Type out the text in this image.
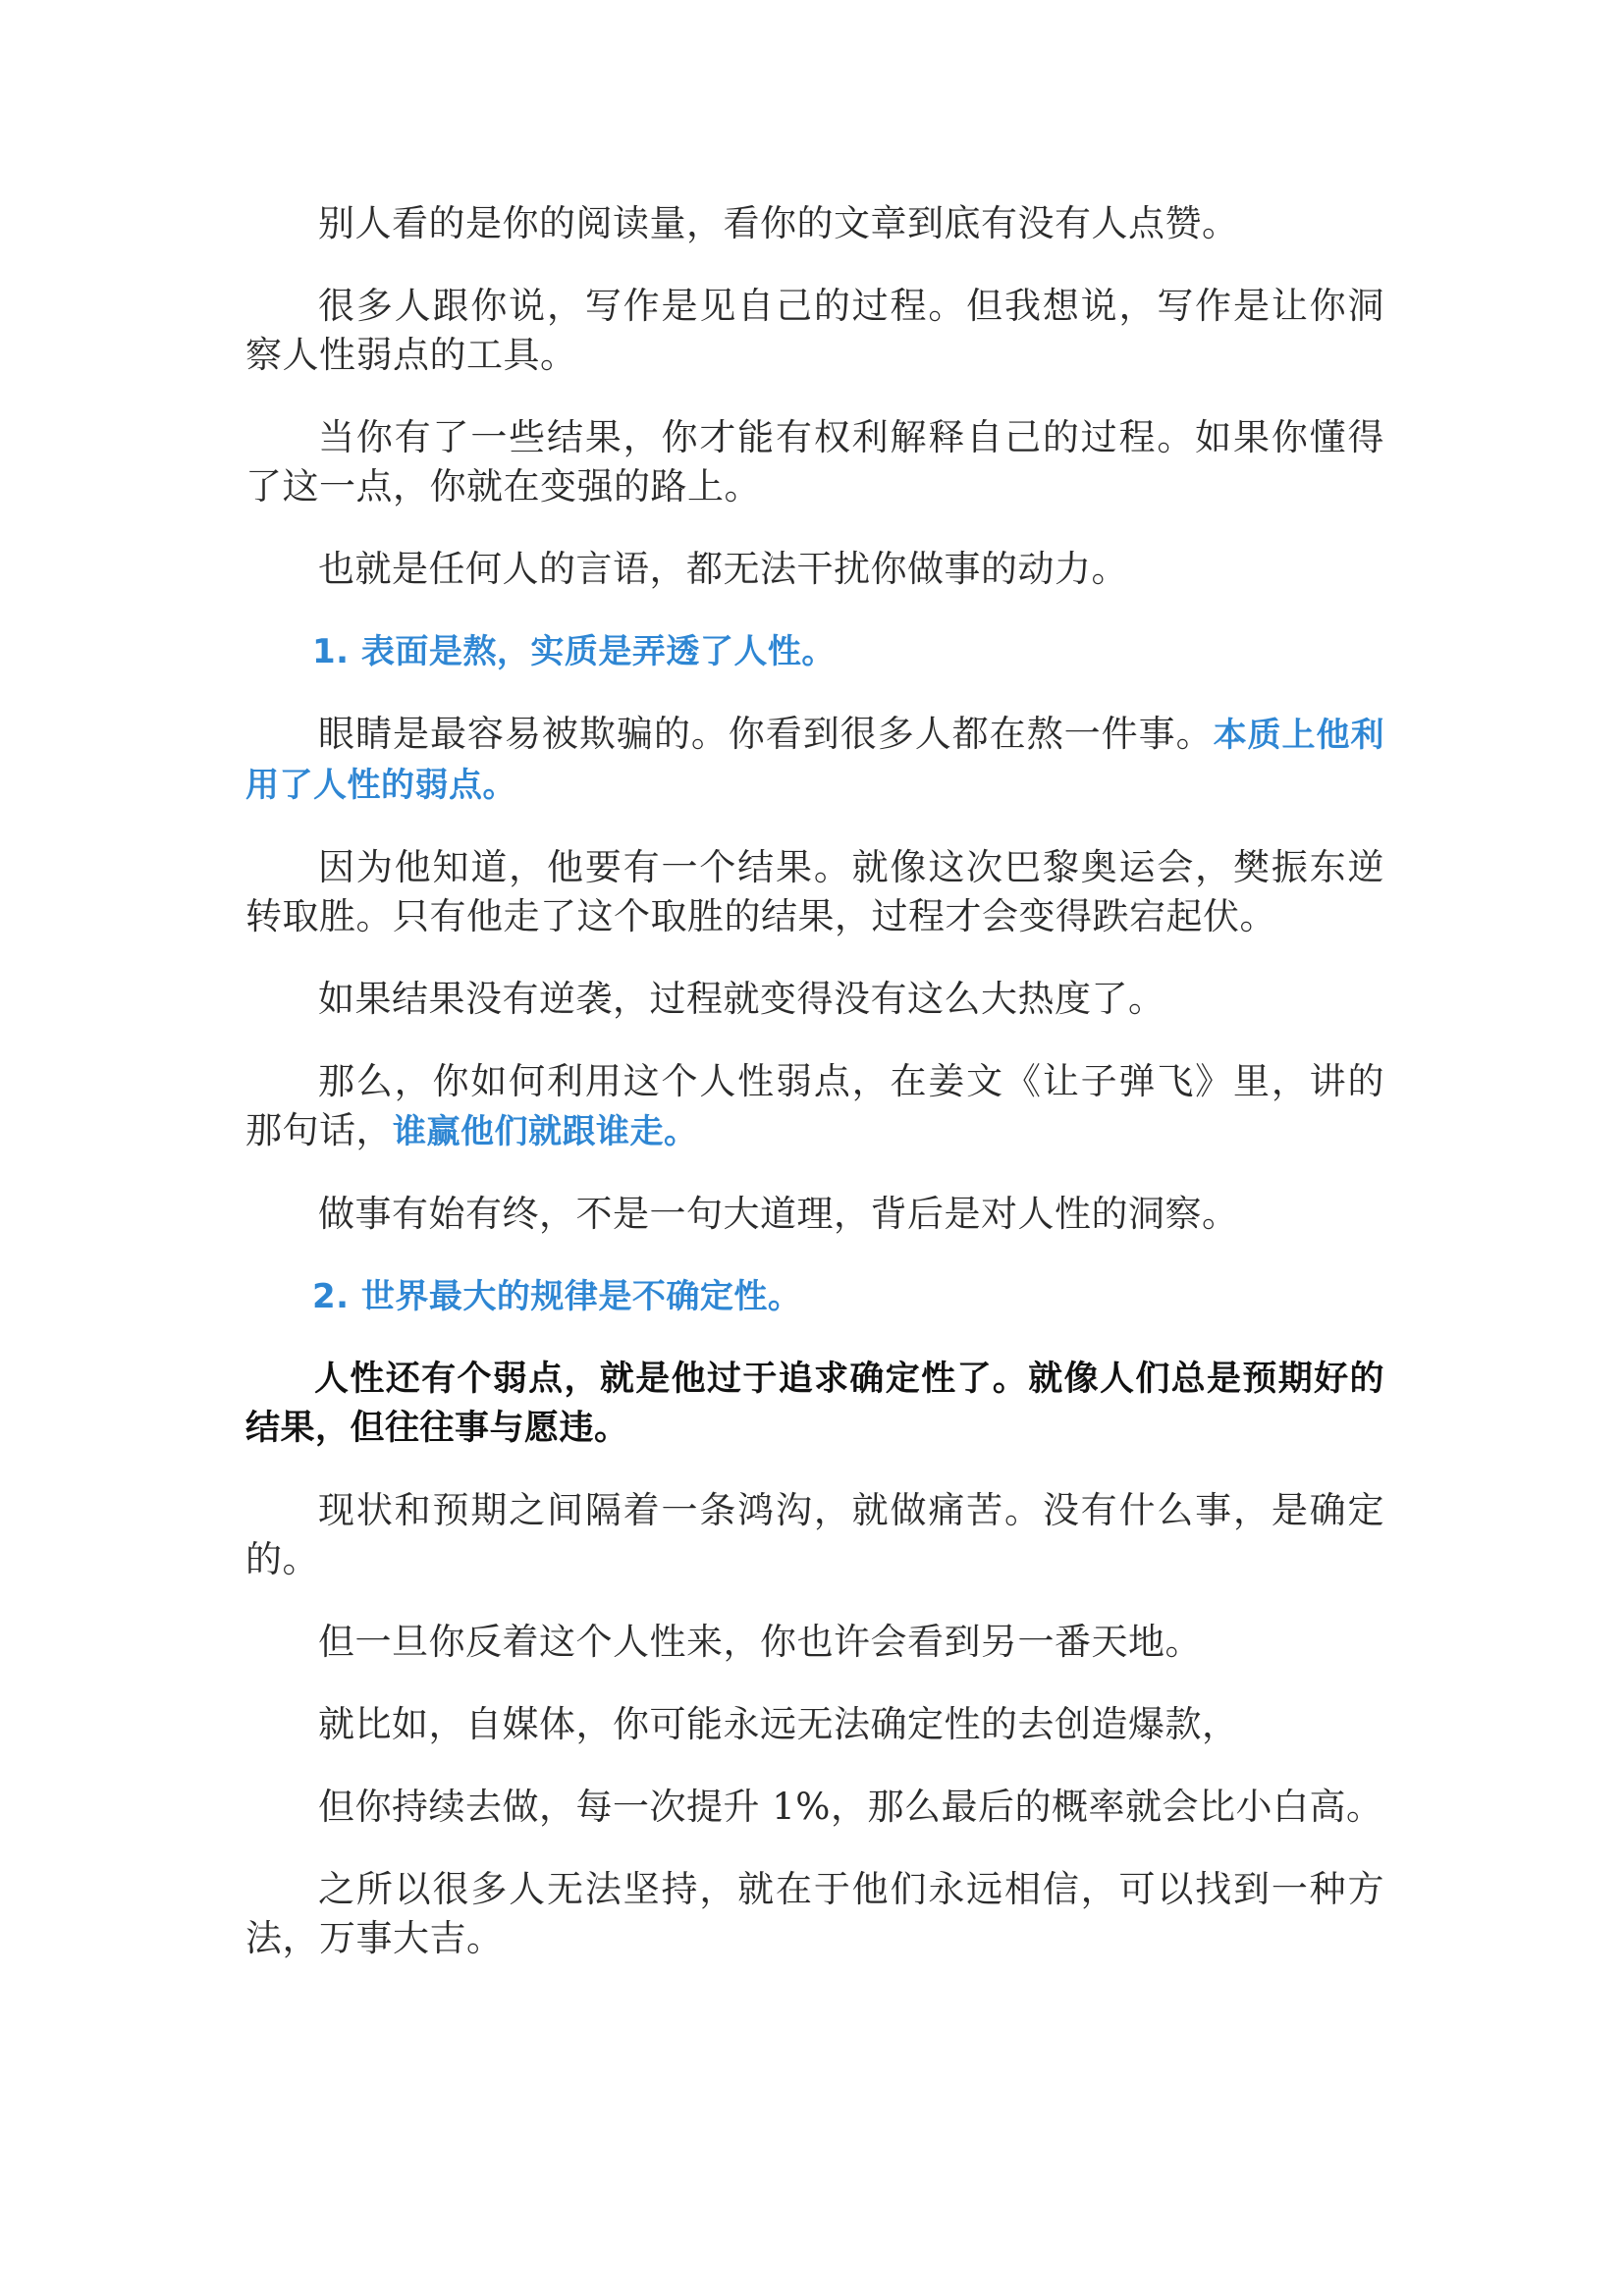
别人看的是你的阅读量，看你的文章到底有没有人点赞。

很多人跟你说，写作是见自己的过程。但我想说，写作是让你洞察人性弱点的工具。

当你有了一些结果，你才能有权利解释自己的过程。如果你懂得了这一点，你就在变强的路上。

也就是任何人的言语，都无法干扰你做事的动力。

1. 表面是熬，实质是弄透了人性。

眼睛是最容易被欺骗的。你看到很多人都在熬一件事。本质上他利用了人性的弱点。

因为他知道，他要有一个结果。就像这次巴黎奥运会，樊振东逆转取胜。只有他走了这个取胜的结果，过程才会变得跌宕起伏。

如果结果没有逆袭，过程就变得没有这么大热度了。

那么，你如何利用这个人性弱点，在姜文《让子弹飞》里，讲的那句话，谁赢他们就跟谁走。

做事有始有终，不是一句大道理，背后是对人性的洞察。

2. 世界最大的规律是不确定性。

人性还有个弱点，就是他过于追求确定性了。就像人们总是预期好的结果，但往往事与愿违。

现状和预期之间隔着一条鸿沟，就做痛苦。没有什么事，是确定的。

但一旦你反着这个人性来，你也许会看到另一番天地。

就比如，自媒体，你可能永远无法确定性的去创造爆款，

但你持续去做，每一次提升 1%，那么最后的概率就会比小白高。

之所以很多人无法坚持，就在于他们永远相信，可以找到一种方法，万事大吉。
